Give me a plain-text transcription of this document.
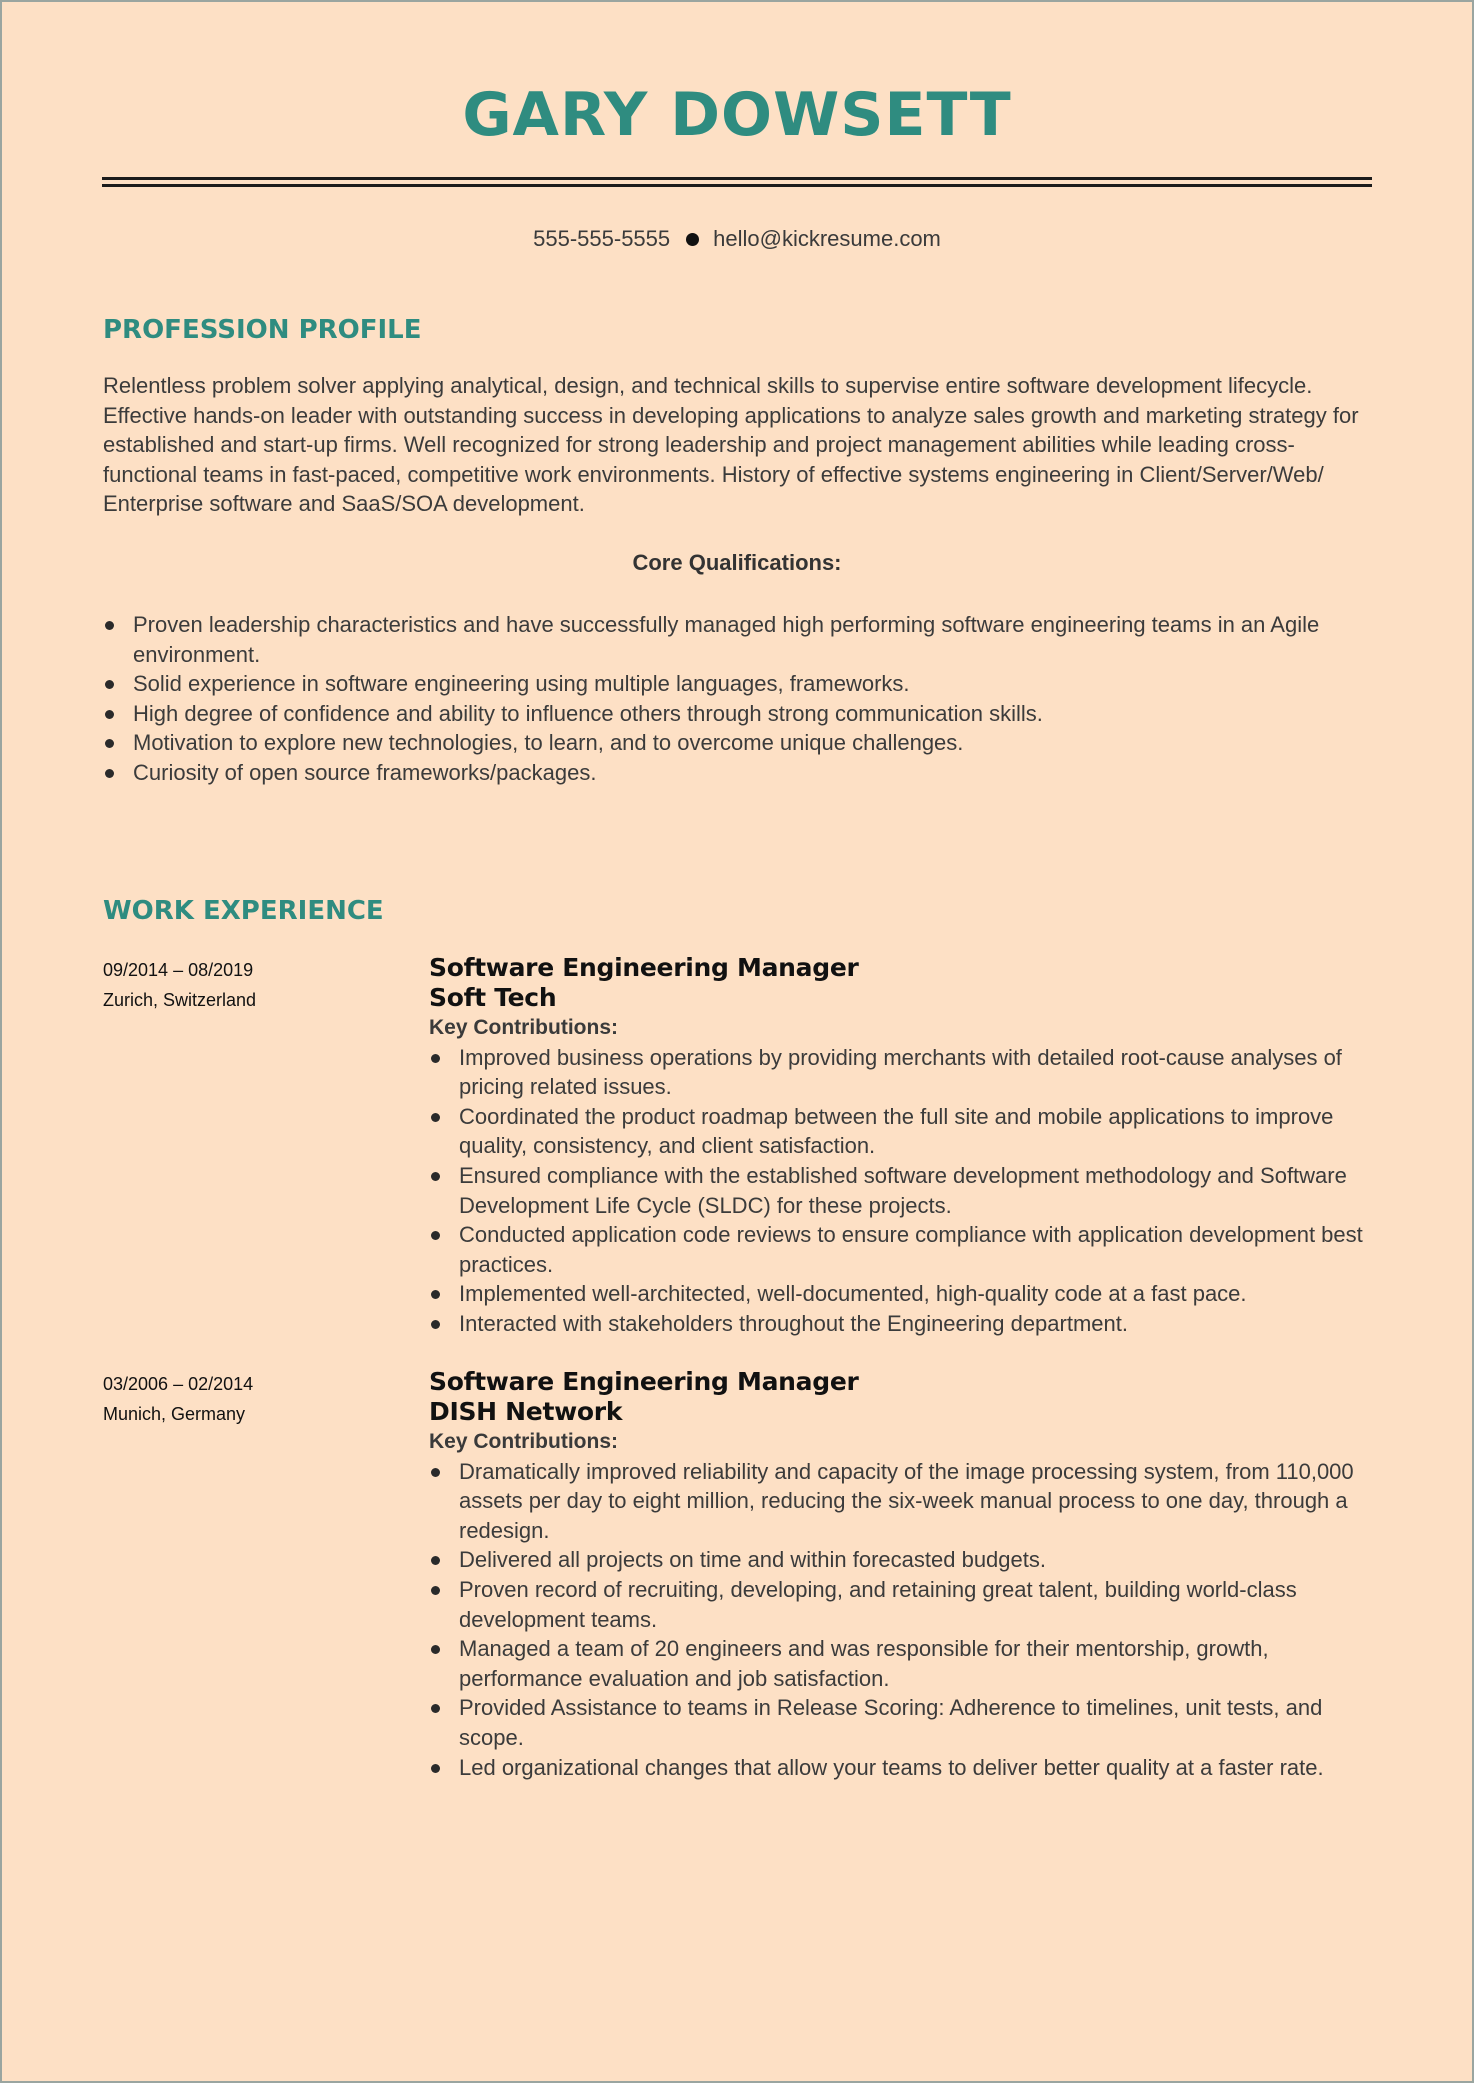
GARY DOWSETT
555-555-5555 hello@kickresume.com
PROFESSION PROFILE

Relentless problem solver applying analytical, design, and technical skills to supervise entire software development lifecycle. Effective hands-on leader with outstanding success in developing applications to analyze sales growth and marketing strategy for established and start-up firms. Well recognized for strong leadership and project management abilities while leading cross-functional teams in fast-paced, competitive work environments. History of effective systems engineering in Client/Server/Web/ Enterprise software and SaaS/SOA development.

Core Qualifications:
Proven leadership characteristics and have successfully managed high performing software engineering teams in an Agile environment.
Solid experience in software engineering using multiple languages, frameworks.
High degree of confidence and ability to influence others through strong communication skills.
Motivation to explore new technologies, to learn, and to overcome unique challenges.
Curiosity of open source frameworks/packages.
WORK EXPERIENCE
09/2014 – 08/2019
Zurich, Switzerland
Software Engineering Manager
Soft Tech
Key Contributions:
Improved business operations by providing merchants with detailed root-cause analyses of pricing related issues.
Coordinated the product roadmap between the full site and mobile applications to improve quality, consistency, and client satisfaction.
Ensured compliance with the established software development methodology and Software Development Life Cycle (SLDC) for these projects.
Conducted application code reviews to ensure compliance with application development best practices.
Implemented well-architected, well-documented, high-quality code at a fast pace.
Interacted with stakeholders throughout the Engineering department.
03/2006 – 02/2014
Munich, Germany
Software Engineering Manager
DISH Network
Key Contributions:
Dramatically improved reliability and capacity of the image processing system, from 110,000 assets per day to eight million, reducing the six-week manual process to one day, through a redesign.
Delivered all projects on time and within forecasted budgets.
Proven record of recruiting, developing, and retaining great talent, building world-class development teams.
Managed a team of 20 engineers and was responsible for their mentorship, growth, performance evaluation and job satisfaction.
Provided Assistance to teams in Release Scoring: Adherence to timelines, unit tests, and scope.
Led organizational changes that allow your teams to deliver better quality at a faster rate.
